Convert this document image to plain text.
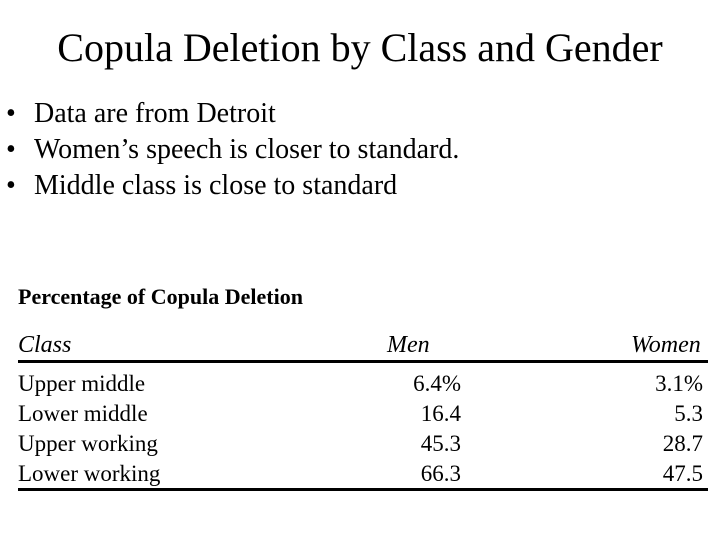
Copula Deletion by Class and Gender
• Data are from Detroit
• Women’s speech is closer to standard.
• Middle class is close to standard
Percentage of Copula Deletion
Class	Men	Women
Upper middle	6.4%	3.1%
Lower middle	16.4	5.3
Upper working	45.3	28.7
Lower working	66.3	47.5
